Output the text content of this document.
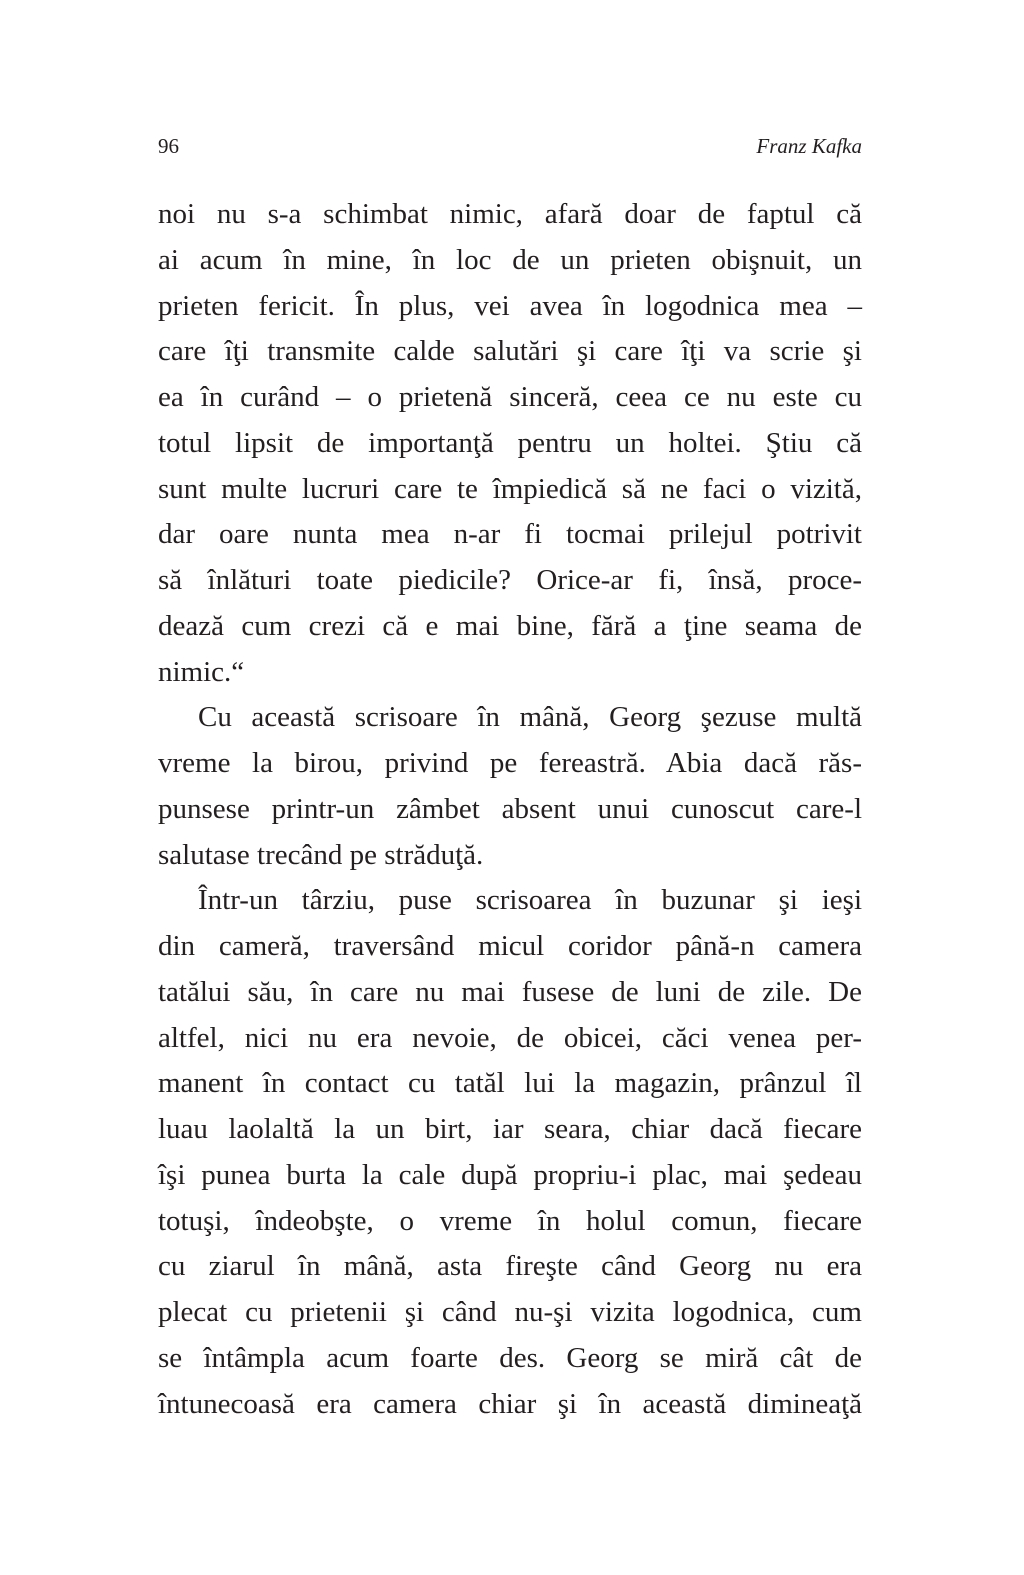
96	Franz Kafka
noi nu s-a schimbat nimic, afară doar de faptul că
ai acum în mine, în loc de un prieten obişnuit, un
prieten fericit. În plus, vei avea în logodnica mea –
care îţi transmite calde salutări şi care îţi va scrie şi
ea în curând – o prietenă sinceră, ceea ce nu este cu
totul lipsit de importanţă pentru un holtei. Ştiu că
sunt multe lucruri care te împiedică să ne faci o vizită,
dar oare nunta mea n-ar fi tocmai prilejul potrivit
să înlături toate piedicile? Orice-ar fi, însă, proce-
dează cum crezi că e mai bine, fără a ţine seama de
nimic.“
Cu această scrisoare în mână, Georg şezuse multă
vreme la birou, privind pe fereastră. Abia dacă răs-
punsese printr-un zâmbet absent unui cunoscut care-l
salutase trecând pe străduţă.
Într-un târziu, puse scrisoarea în buzunar şi ieşi
din cameră, traversând micul coridor până-n camera
tatălui său, în care nu mai fusese de luni de zile. De
altfel, nici nu era nevoie, de obicei, căci venea per-
manent în contact cu tatăl lui la magazin, prânzul îl
luau laolaltă la un birt, iar seara, chiar dacă fiecare
îşi punea burta la cale după propriu-i plac, mai şedeau
totuşi, îndeobşte, o vreme în holul comun, fiecare
cu ziarul în mână, asta fireşte când Georg nu era
plecat cu prietenii şi când nu-şi vizita logodnica, cum
se întâmpla acum foarte des. Georg se miră cât de
întunecoasă era camera chiar şi în această dimineaţă
